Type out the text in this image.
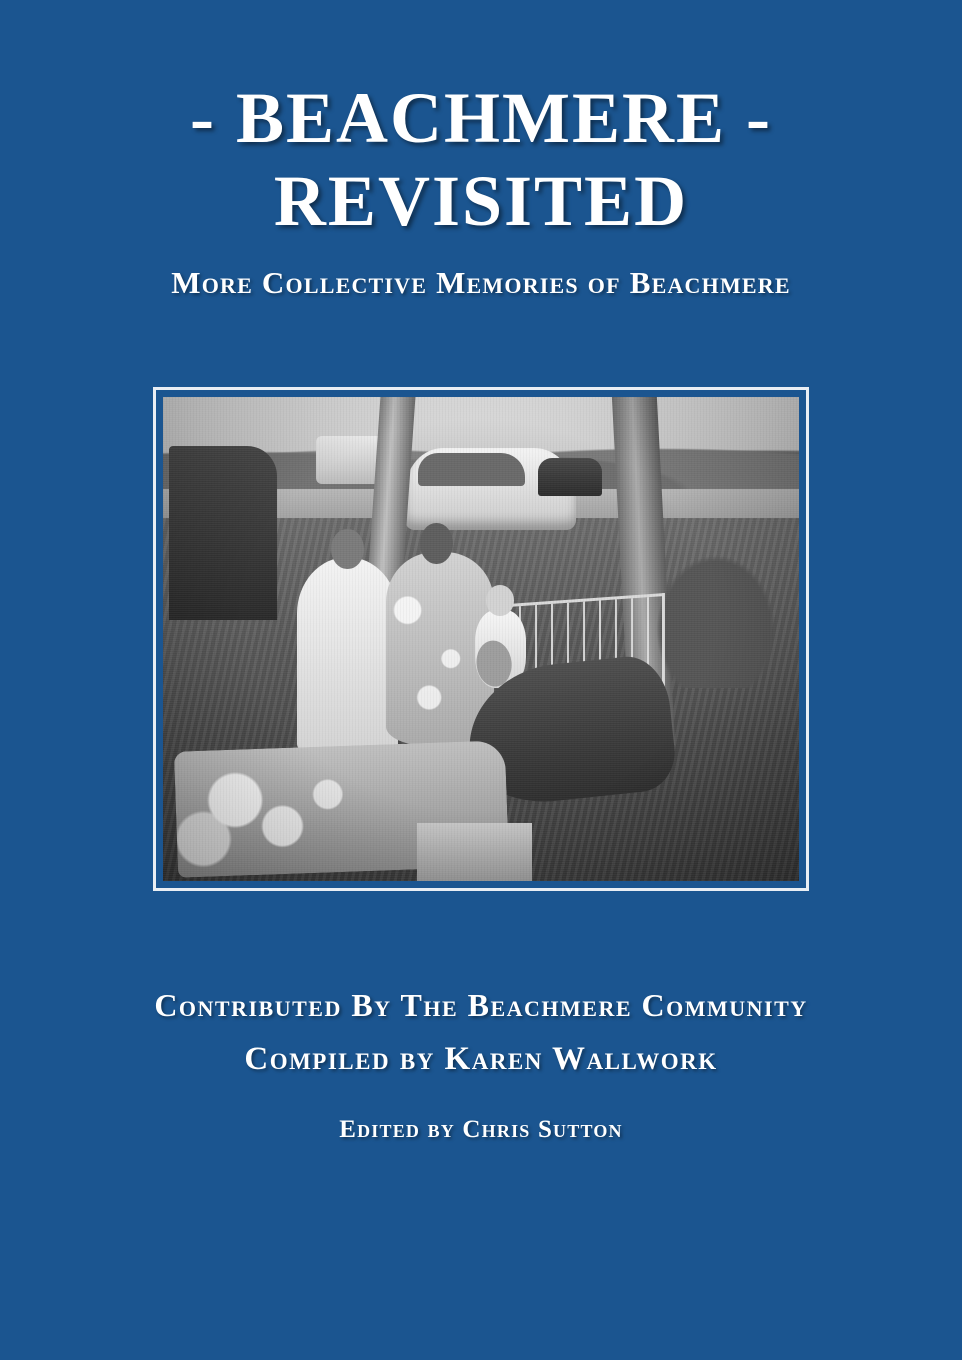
- BEACHMERE -
REVISITED
More Collective Memories of Beachmere
Contributed By The Beachmere Community
Compiled by Karen Wallwork
Edited by Chris Sutton
